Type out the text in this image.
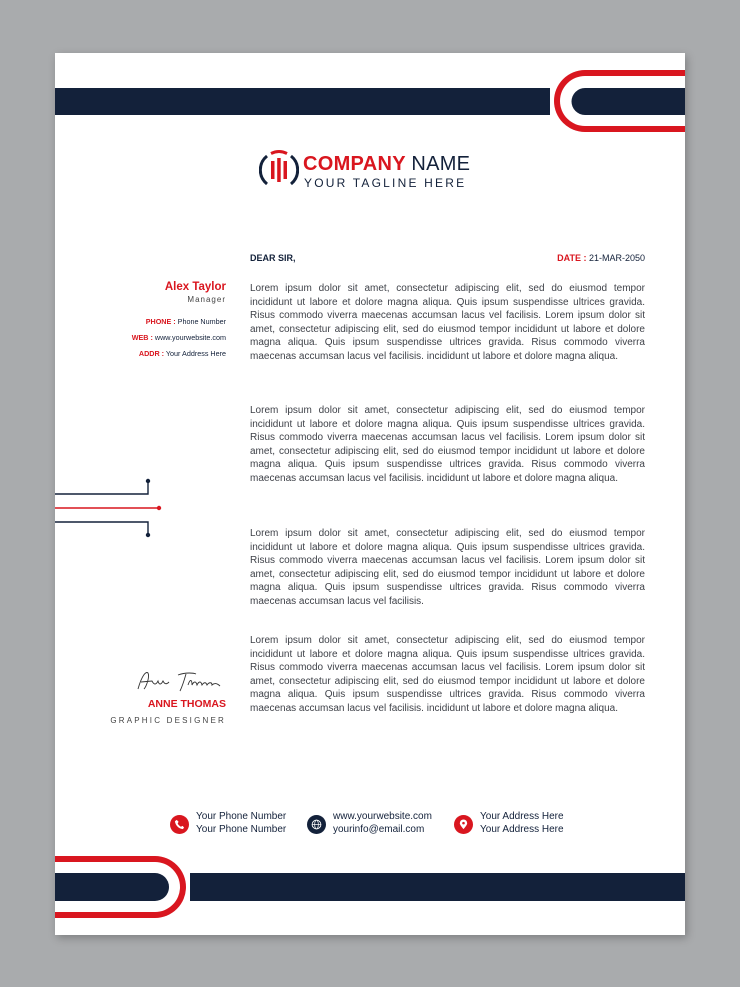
COMPANY NAME
YOUR TAGLINE HERE
DEAR SIR,	DATE : 21-MAR-2050
Alex Taylor
Manager
PHONE : Phone Number
WEB : www.yourwebsite.com
ADDR : Your Address Here

Lorem ipsum dolor sit amet, consectetur adipiscing elit, sed do eiusmod tempor incididunt ut labore et dolore magna aliqua. Quis ipsum suspendisse ultrices gravida. Risus commodo viverra maecenas accumsan lacus vel facilisis. Lorem ipsum dolor sit amet, consectetur adipiscing elit, sed do eiusmod tempor incididunt ut labore et dolore magna aliqua. Quis ipsum suspendisse ultrices gravida. Risus commodo viverra maecenas accumsan lacus vel facilisis. incididunt ut labore et dolore magna aliqua.

Lorem ipsum dolor sit amet, consectetur adipiscing elit, sed do eiusmod tempor incididunt ut labore et dolore magna aliqua. Quis ipsum suspendisse ultrices gravida. Risus commodo viverra maecenas accumsan lacus vel facilisis. Lorem ipsum dolor sit amet, consectetur adipiscing elit, sed do eiusmod tempor incididunt ut labore et dolore magna aliqua. Quis ipsum suspendisse ultrices gravida. Risus commodo viverra maecenas accumsan lacus vel facilisis. incididunt ut labore et dolore magna aliqua.

Lorem ipsum dolor sit amet, consectetur adipiscing elit, sed do eiusmod tempor incididunt ut labore et dolore magna aliqua. Quis ipsum suspendisse ultrices gravida. Risus commodo viverra maecenas accumsan lacus vel facilisis. Lorem ipsum dolor sit amet, consectetur adipiscing elit, sed do eiusmod tempor incididunt ut labore et dolore magna aliqua. Quis ipsum suspendisse ultrices gravida. Risus commodo viverra maecenas accumsan lacus vel facilisis.

Lorem ipsum dolor sit amet, consectetur adipiscing elit, sed do eiusmod tempor incididunt ut labore et dolore magna aliqua. Quis ipsum suspendisse ultrices gravida. Risus commodo viverra maecenas accumsan lacus vel facilisis. Lorem ipsum dolor sit amet, consectetur adipiscing elit, sed do eiusmod tempor incididunt ut labore et dolore magna aliqua. Quis ipsum suspendisse ultrices gravida. Risus commodo viverra maecenas accumsan lacus vel facilisis. incididunt ut labore et dolore magna aliqua.

ANNE THOMAS
GRAPHIC DESIGNER
Your Phone Number
Your Phone Number
www.yourwebsite.com
yourinfo@email.com
Your Address Here
Your Address Here
